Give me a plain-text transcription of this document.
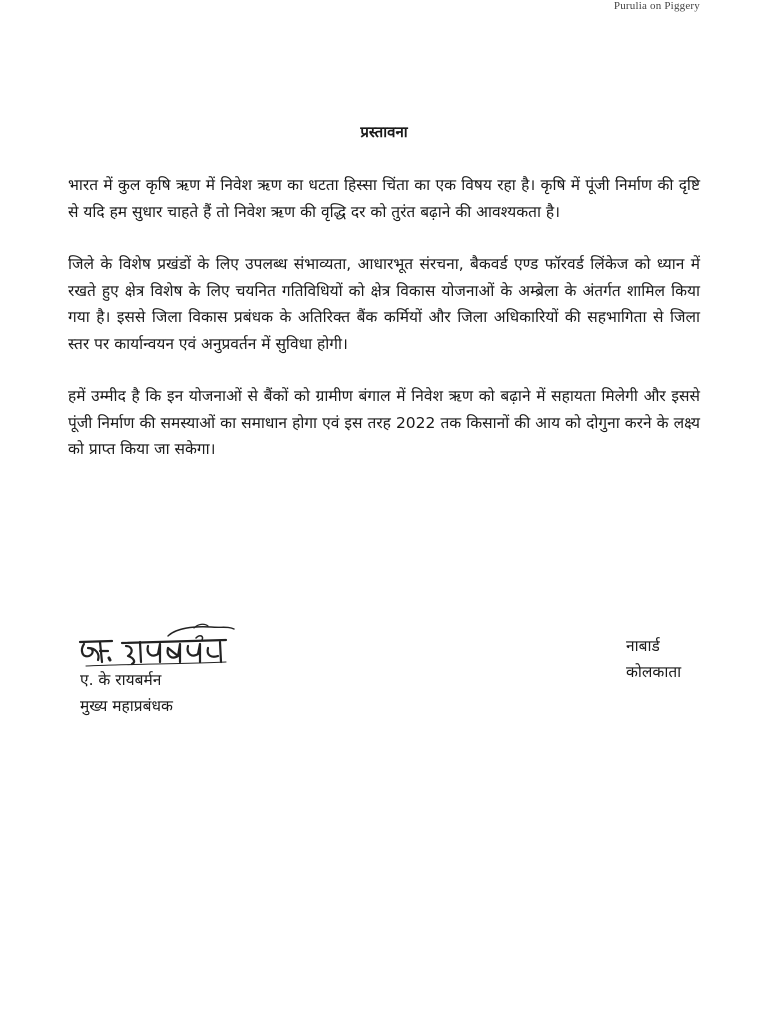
Purulia on Piggery
प्रस्तावना

भारत में कुल कृषि ऋण में निवेश ऋण का धटता हिस्सा चिंता का एक विषय रहा है। कृषि में पूंजी निर्माण की दृष्टि से यदि हम सुधार चाहते हैं तो निवेश ऋण की वृद्धि दर को तुरंत बढ़ाने की आवश्यकता है।

जिले के विशेष प्रखंडों के लिए उपलब्ध संभाव्यता, आधारभूत संरचना, बैकवर्ड एण्ड फॉरवर्ड लिंकेज को ध्यान में रखते हुए क्षेत्र विशेष के लिए चयनित गतिविधियों को क्षेत्र विकास योजनाओं के अम्ब्रेला के अंतर्गत शामिल किया गया है। इससे जिला विकास प्रबंधक के अतिरिक्त बैंक कर्मियों और जिला अधिकारियों की सहभागिता से जिला स्तर पर कार्यान्वयन एवं अनुप्रवर्तन में सुविधा होगी।

हमें उम्मीद है कि इन योजनाओं से बैंकों को ग्रामीण बंगाल में निवेश ऋण को बढ़ाने में सहायता मिलेगी और इससे पूंजी निर्माण की समस्याओं का समाधान होगा एवं इस तरह 2022 तक किसानों की आय को दोगुना करने के लक्ष्य को प्राप्त किया जा सकेगा।

ए. के रायबर्मन
मुख्य महाप्रबंधक
नाबार्ड
कोलकाता
